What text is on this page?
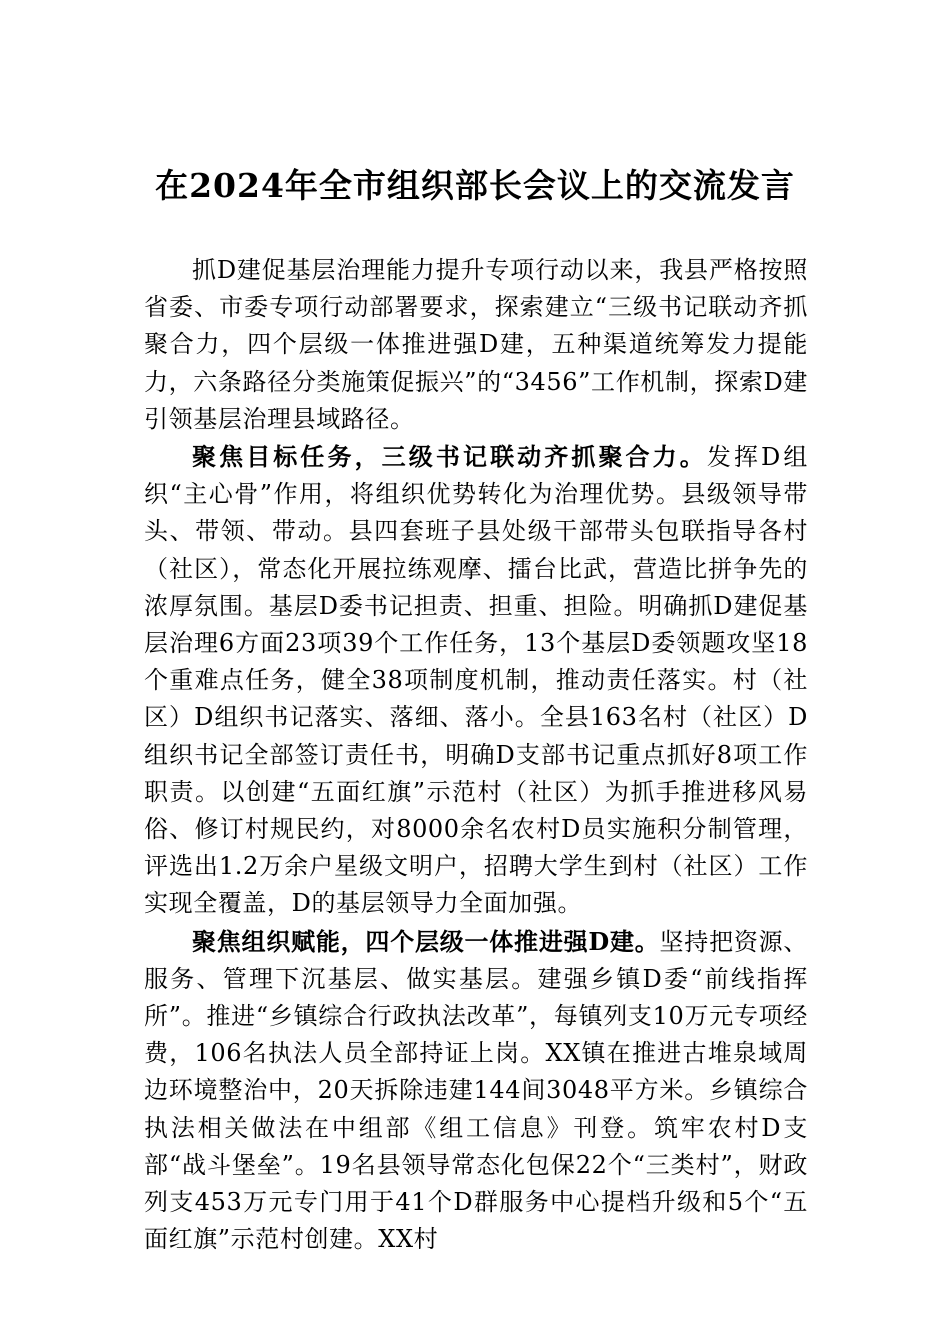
在2024年全市组织部长会议上的交流发言

抓D建促基层治理能力提升专项行动以来，我县严格按照省委、市委专项行动部署要求，探索建立“三级书记联动齐抓聚合力，四个层级一体推进强D建，五种渠道统筹发力提能力，六条路径分类施策促振兴”的“3456”工作机制，探索D建引领基层治理县域路径。

聚焦目标任务，三级书记联动齐抓聚合力。发挥D组织“主心骨”作用，将组织优势转化为治理优势。县级领导带头、带领、带动。县四套班子县处级干部带头包联指导各村（社区），常态化开展拉练观摩、擂台比武，营造比拼争先的浓厚氛围。基层D委书记担责、担重、担险。明确抓D建促基层治理6方面23项39个工作任务，13个基层D委领题攻坚18个重难点任务，健全38项制度机制，推动责任落实。村（社区）D组织书记落实、落细、落小。全县163名村（社区）D组织书记全部签订责任书，明确D支部书记重点抓好8项工作职责。以创建“五面红旗”示范村（社区）为抓手推进移风易俗、修订村规民约，对8000余名农村D员实施积分制管理，评选出1.2万余户星级文明户，招聘大学生到村（社区）工作实现全覆盖，D的基层领导力全面加强。

聚焦组织赋能，四个层级一体推进强D建。坚持把资源、服务、管理下沉基层、做实基层。建强乡镇D委“前线指挥所”。推进“乡镇综合行政执法改革”，每镇列支10万元专项经费，106名执法人员全部持证上岗。XX镇在推进古堆泉域周边环境整治中，20天拆除违建144间3048平方米。乡镇综合执法相关做法在中组部《组工信息》刊登。筑牢农村D支部“战斗堡垒”。19名县领导常态化包保22个“三类村”，财政列支453万元专门用于41个D群服务中心提档升级和5个“五面红旗”示范村创建。XX村
